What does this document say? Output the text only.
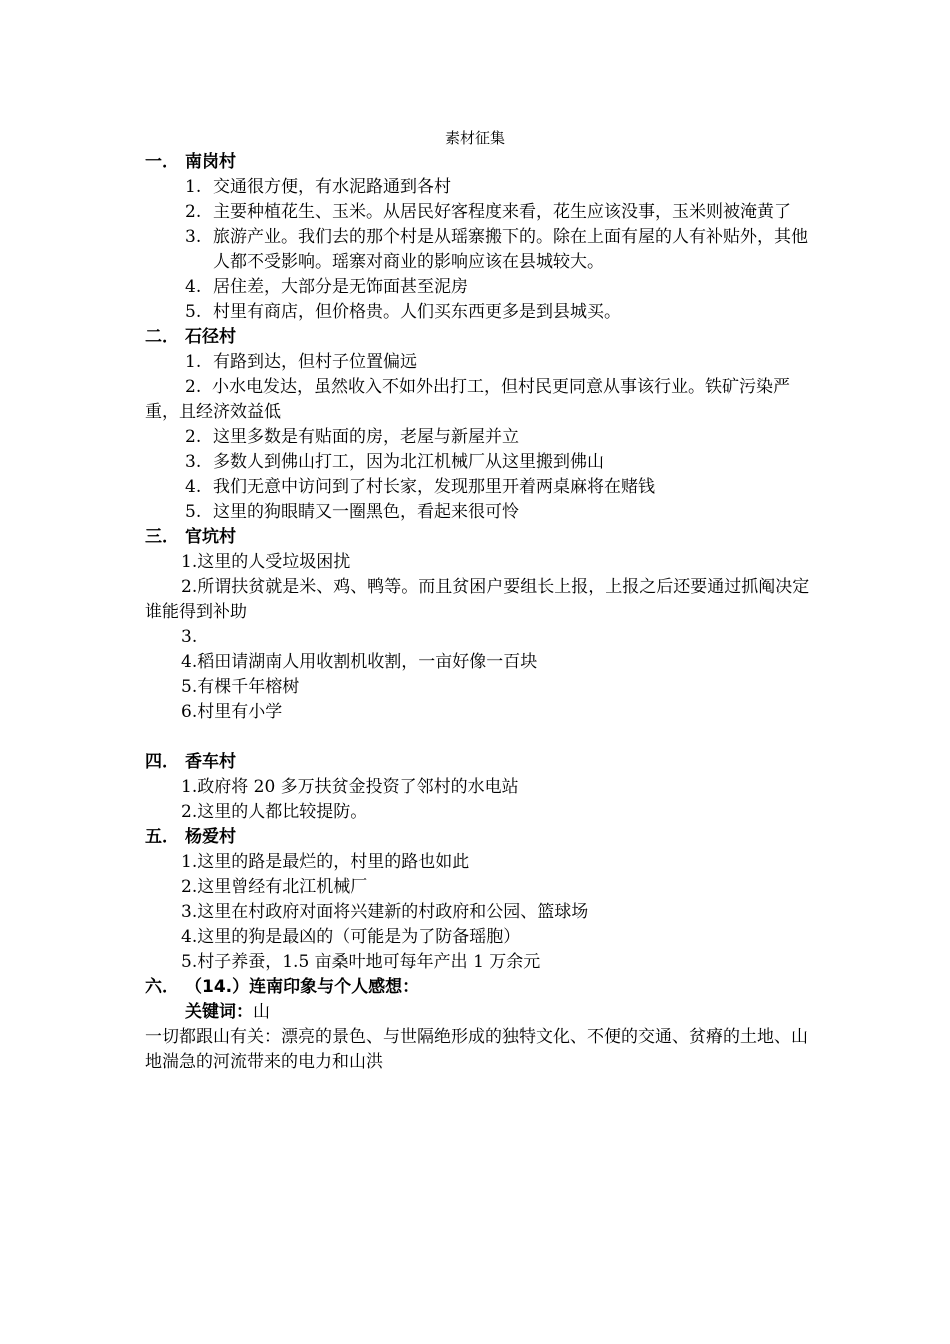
素材征集
一． 南岗村
1. 交通很方便，有水泥路通到各村
2. 主要种植花生、玉米。从居民好客程度来看，花生应该没事，玉米则被淹黄了
3. 旅游产业。我们去的那个村是从瑶寨搬下的。除在上面有屋的人有补贴外，其他人都不受影响。瑶寨对商业的影响应该在县城较大。
4. 居住差，大部分是无饰面甚至泥房
5. 村里有商店，但价格贵。人们买东西更多是到县城买。
二． 石径村
1. 有路到达，但村子位置偏远
2. 小水电发达，虽然收入不如外出打工，但村民更同意从事该行业。铁矿污染严重，且经济效益低
2. 这里多数是有贴面的房，老屋与新屋并立
3. 多数人到佛山打工，因为北江机械厂从这里搬到佛山
4. 我们无意中访问到了村长家，发现那里开着两桌麻将在赌钱
5. 这里的狗眼睛又一圈黑色，看起来很可怜
三． 官坑村
1.这里的人受垃圾困扰
2.所谓扶贫就是米、鸡、鸭等。而且贫困户要组长上报，上报之后还要通过抓阄决定谁能得到补助
3.
4.稻田请湖南人用收割机收割，一亩好像一百块
5.有棵千年榕树
6.村里有小学
四． 香车村
1.政府将 20 多万扶贫金投资了邻村的水电站
2.这里的人都比较提防。
五． 杨爱村
1.这里的路是最烂的，村里的路也如此
2.这里曾经有北江机械厂
3.这里在村政府对面将兴建新的村政府和公园、篮球场
4.这里的狗是最凶的（可能是为了防备瑶胞）
5.村子养蚕，1.5 亩桑叶地可每年产出 1 万余元
六． （14.）连南印象与个人感想：
关键词：山
一切都跟山有关：漂亮的景色、与世隔绝形成的独特文化、不便的交通、贫瘠的土地、山地湍急的河流带来的电力和山洪
